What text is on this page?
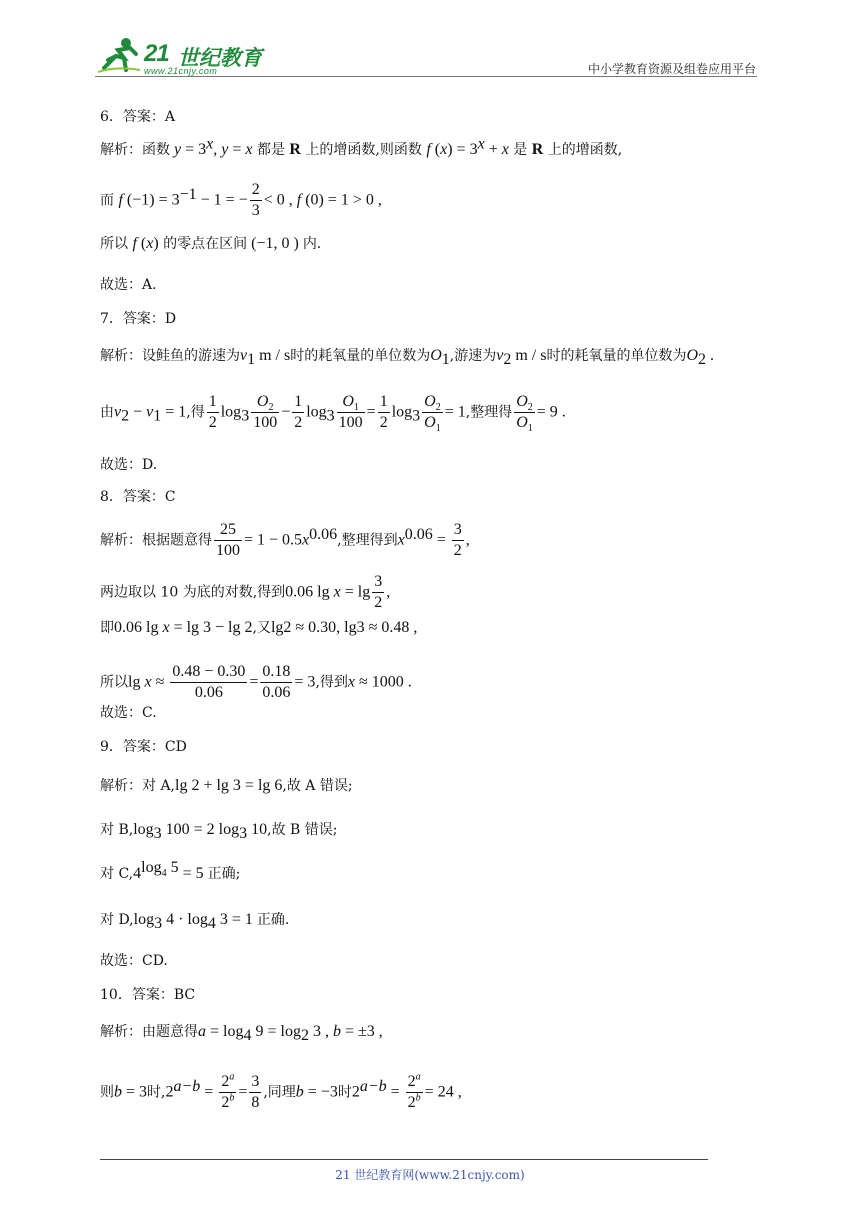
21 世纪教育
www.21cnjy.com	中小学教育资源及组卷应用平台
6．答案：A
解析：函数 $y = 3^x$, y = x 都是 R 上的增函数,则函数 f $(x) = 3^x + x$ 是 R 上的增函数,
而 f $(-1) = 3^{-1} - 1$ = − $\frac{2}{3} < 0$ , f (0) = 1 > 0 ,
所以 f (x) 的零点在区间 (−1, 0 ) 内.
故选：A.
7．答案：D
解析：设鲑鱼的游速为$v_1$ m / s时的耗氧量的单位数为$O_1$,游速为$v_2$ m / s时的耗氧量的单位数为$O_2$ .
由$v_2 - v_1 = 1$,得 $\frac{1}{2} \log_3 \frac{O_2}{100} - \frac{1}{2} \log_3 \frac{O_1}{100} = \frac{1}{2} \log_3 \frac{O_2}{O_1} = 1$,整理得 $\frac{O_2}{O_1} = 9$ .
故选：D.
8．答案：C
解析：根据题意得 $\frac{25}{100} = 1 - 0.5x^{0.06}$,整理得到$x^{0.06} = \frac{3}{2}$ ,
两边取以 10 为底的对数,得到0.06 $\lg x = \lg \frac{3}{2}$ ,
即0.06 lg x = lg 3 − lg 2,又lg2 ≈ 0.30, lg3 ≈ 0.48 ,
所以$\lg x \approx \frac{0.48 - 0.30}{0.06} = \frac{0.18}{0.06} = 3$,得到x ≈ 1000 .
故选：C.
9．答案：CD
解析：对 A,lg 2 + lg 3 = lg 6,故 A 错误;
对 $B,\log_3$ 100 = 2 $\log_3 10$,故 B 错误;
对 $C,4^{log_4 5} = 5$ 正确;
对 $D,\log_3$ $4 \cdot \log_4 3 = 1$ 正确.
故选：CD.
10．答案：BC
解析：由题意得$a = \log_4 9 = \log_2 3$ , b = ±3 ,
则b = 3时$,2^{a-b} = \frac{2^a}{2^b} = \frac{3}{8}$ ,同理b = −3时$2^{a-b} = \frac{2^a}{2^b} = 24$ ,
21 世纪教育网(www.21cnjy.com)
